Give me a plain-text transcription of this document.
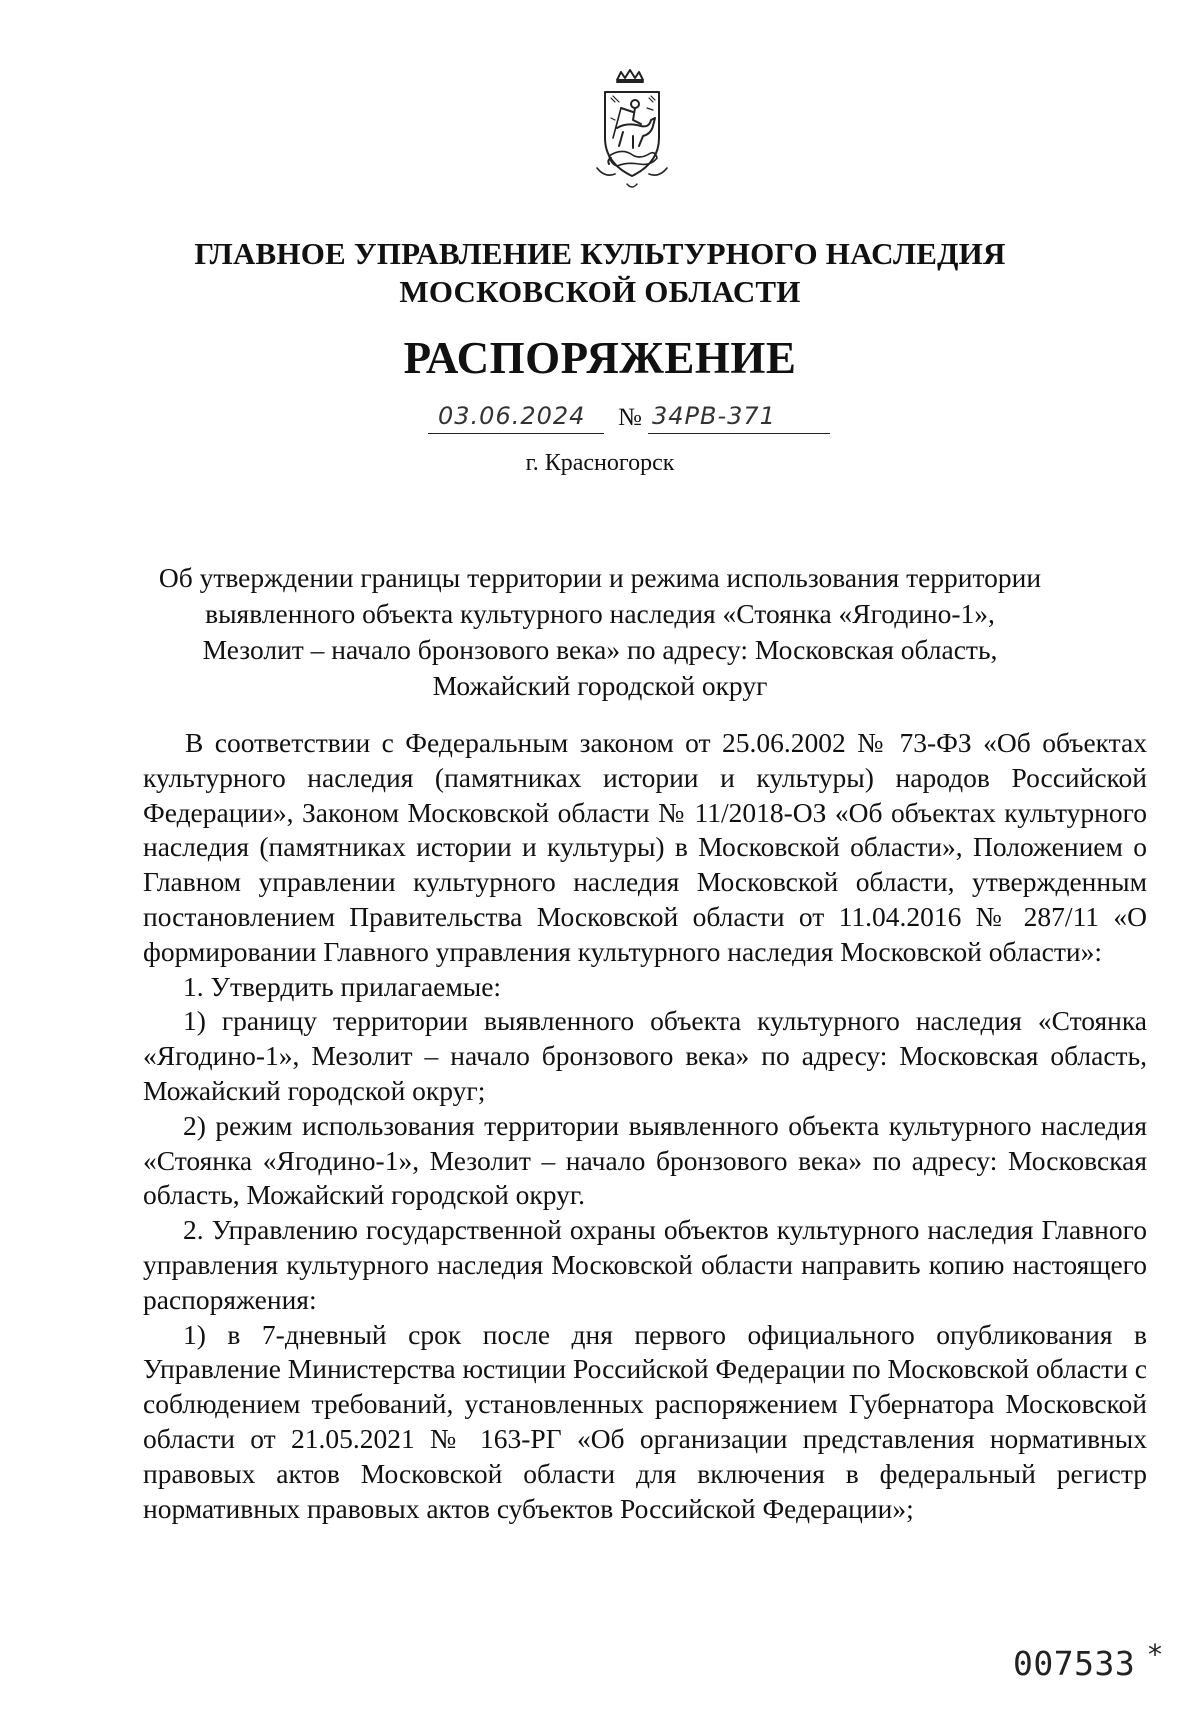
ГЛАВНОЕ УПРАВЛЕНИЕ КУЛЬТУРНОГО НАСЛЕДИЯ
МОСКОВСКОЙ ОБЛАСТИ
РАСПОРЯЖЕНИЕ
03.06.2024 № 34РВ-371
г. Красногорск
Об утверждении границы территории и режима использования территории
выявленного объекта культурного наследия «Стоянка «Ягодино-1»,
Мезолит – начало бронзового века» по адресу: Московская область,
Можайский городской округ

В соответствии с Федеральным законом от 25.06.2002 № 73-ФЗ «Об объектах культурного наследия (памятниках истории и культуры) народов Российской Федерации», Законом Московской области № 11/2018-ОЗ «Об объектах культурного наследия (памятниках истории и культуры) в Московской области», Положением о Главном управлении культурного наследия Московской области, утвержденным постановлением Правительства Московской области от 11.04.2016 № 287/11 «О формировании Главного управления культурного наследия Московской области»:

1. Утвердить прилагаемые:

1) границу территории выявленного объекта культурного наследия «Стоянка «Ягодино-1», Мезолит – начало бронзового века» по адресу: Московская область, Можайский городской округ;

2) режим использования территории выявленного объекта культурного наследия «Стоянка «Ягодино-1», Мезолит – начало бронзового века» по адресу: Московская область, Можайский городской округ.

2. Управлению государственной охраны объектов культурного наследия Главного управления культурного наследия Московской области направить копию настоящего распоряжения:

1) в 7-дневный срок после дня первого официального опубликования в Управление Министерства юстиции Российской Федерации по Московской области с соблюдением требований, установленных распоряжением Губернатора Московской области от 21.05.2021 № 163-РГ «Об организации представления нормативных правовых актов Московской области для включения в федеральный регистр нормативных правовых актов субъектов Российской Федерации»;

007533 *
